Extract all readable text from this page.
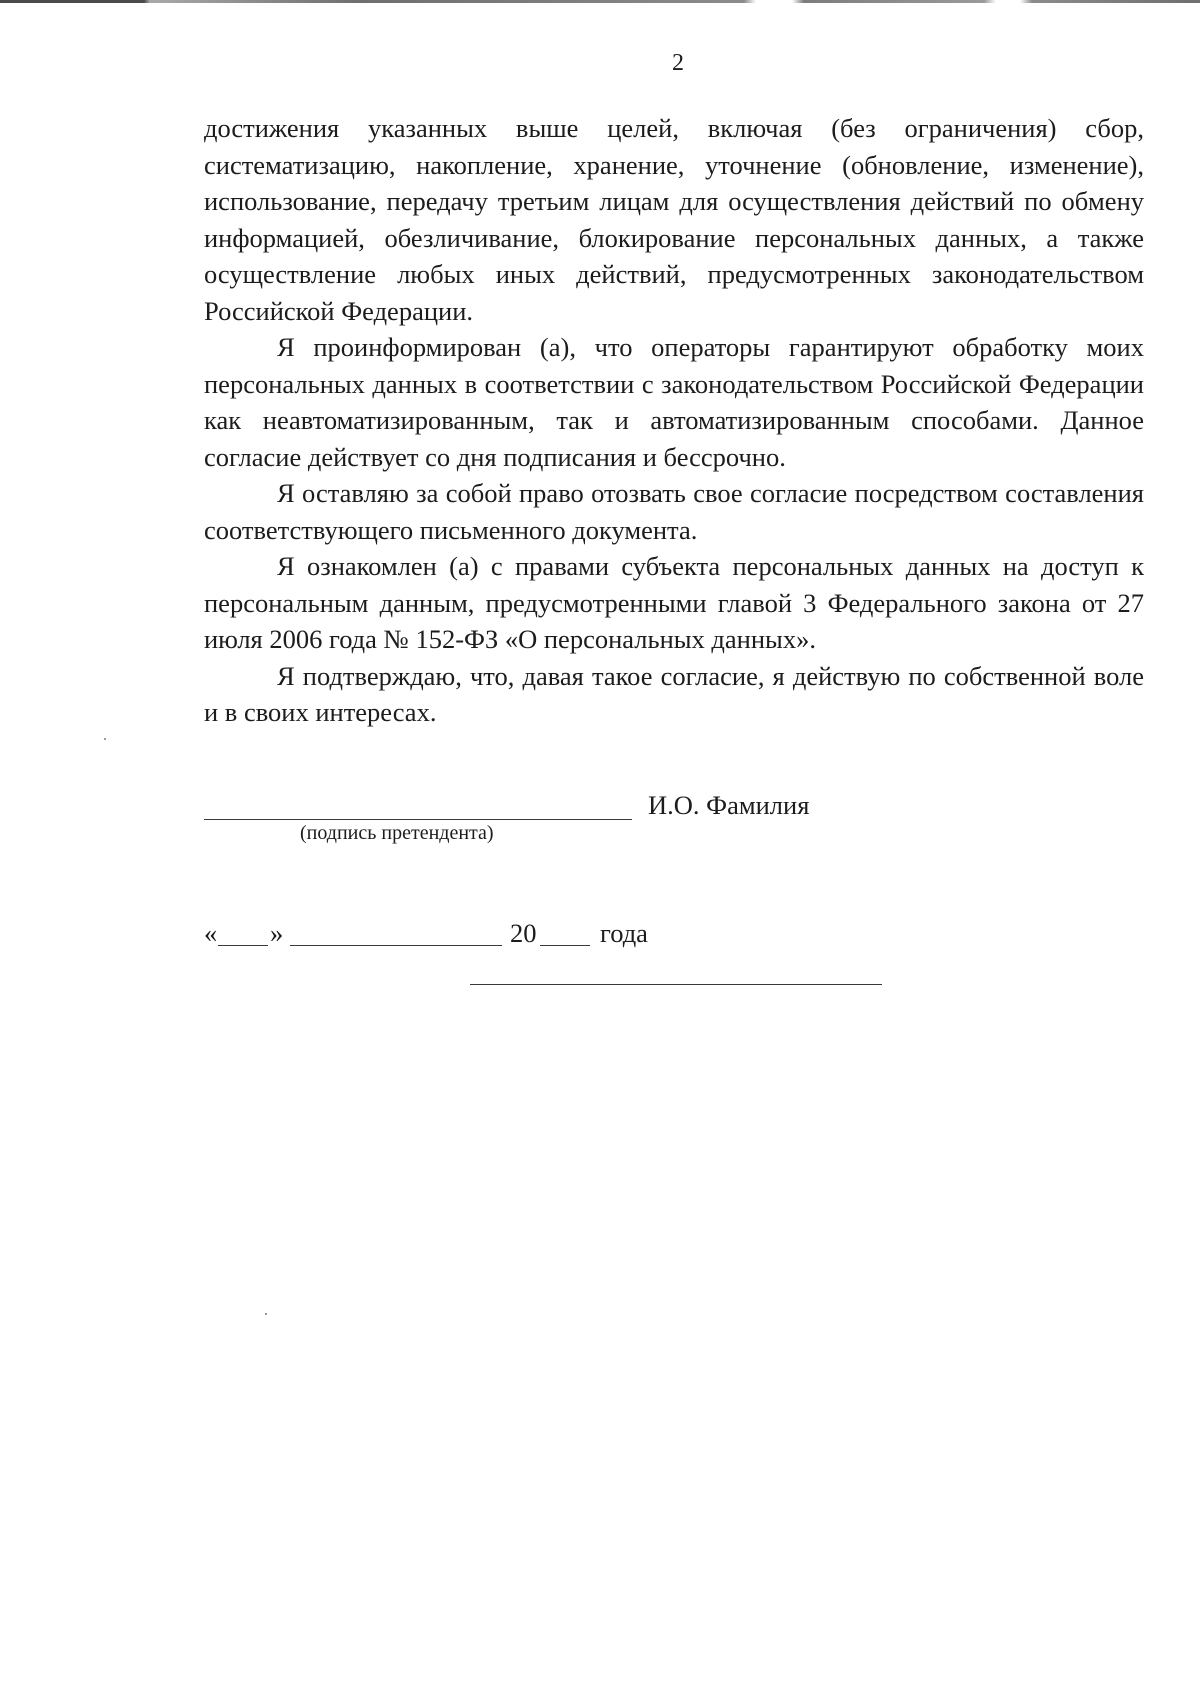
2

достижения указанных выше целей, включая (без ограничения) сбор, систематизацию, накопление, хранение, уточнение (обновление, изменение), использование, передачу третьим лицам для осуществления действий по обмену информацией, обезличивание, блокирование персональных данных, а также осуществление любых иных действий, предусмотренных законодательством Российской Федерации.

Я проинформирован (а), что операторы гарантируют обработку моих персональных данных в соответствии с законодательством Российской Федерации как неавтоматизированным, так и автоматизированным способами. Данное согласие действует со дня подписания и бессрочно.

Я оставляю за собой право отозвать свое согласие посредством составления соответствующего письменного документа.

Я ознакомлен (а) с правами субъекта персональных данных на доступ к персональным данным, предусмотренными главой 3 Федерального закона от 27 июля 2006 года № 152-ФЗ «О персональных данных».

Я подтверждаю, что, давая такое согласие, я действую по собственной воле и в своих интересах.

И.О. Фамилия
(подпись претендента)
« »	20 года
